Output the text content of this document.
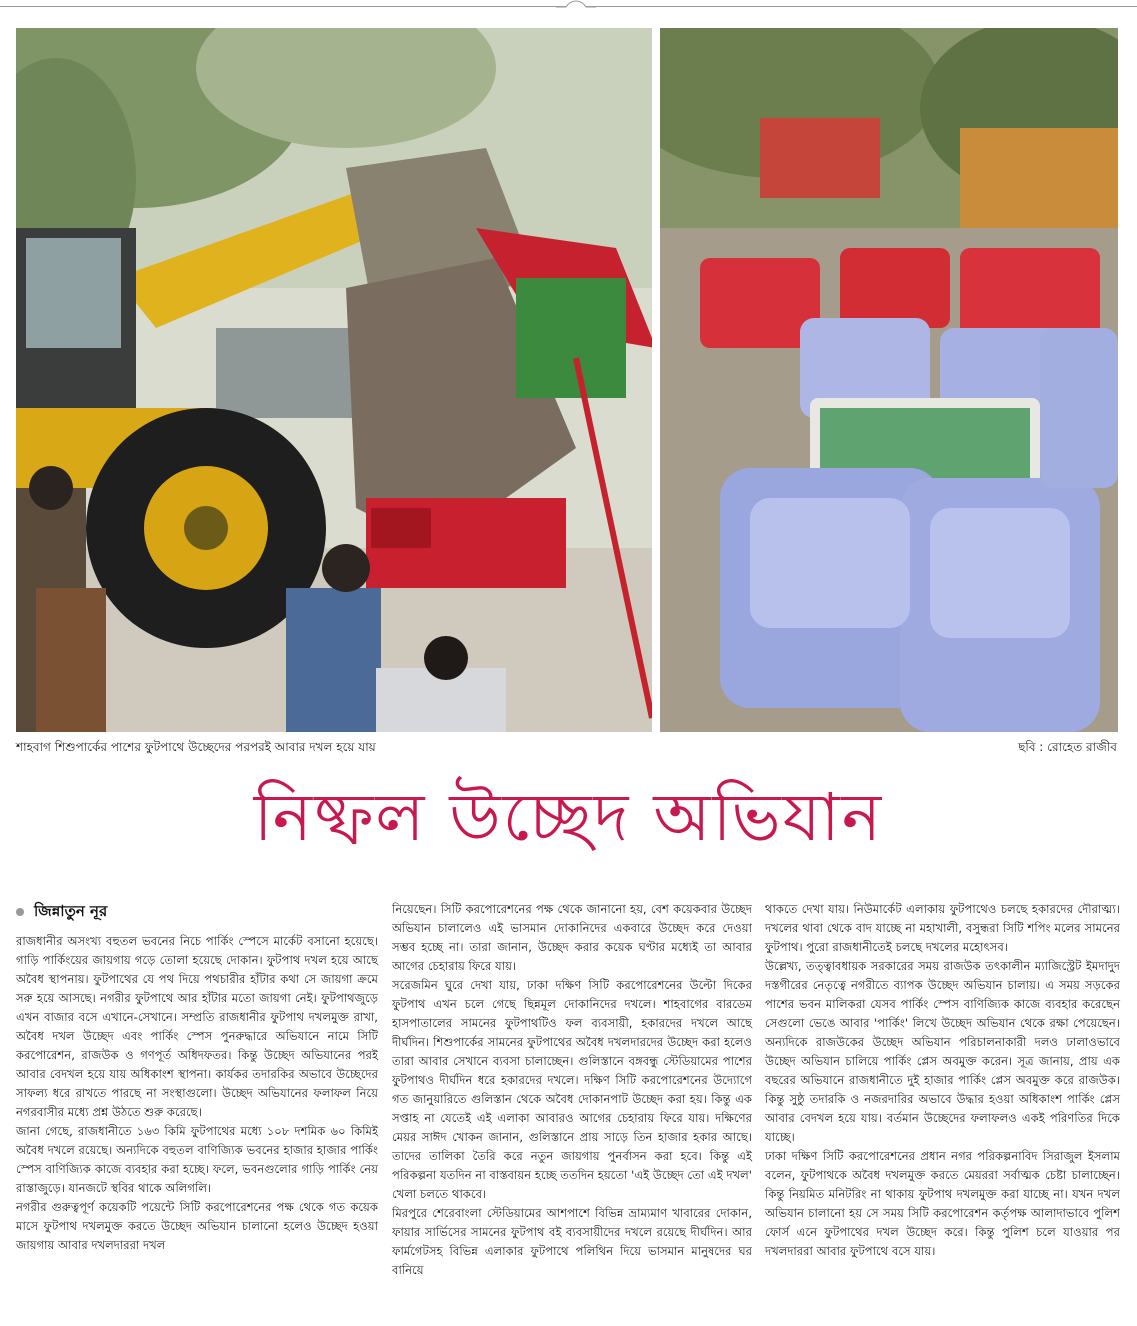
শাহবাগ শিশুপার্কের পাশের ফুটপাথে উচ্ছেদের পরপরই আবার দখল হয়ে যায়	ছবি : রোহেত রাজীব
নিষ্ফল উচ্ছেদ অভিযান
জিন্নাতুন নূর

রাজধানীর অসংখ্য বহুতল ভবনের নিচে পার্কিং স্পেসে মার্কেট বসানো হয়েছে। গাড়ি পার্কিংয়ের জায়গায় গড়ে তোলা হয়েছে দোকান। ফুটপাথ দখল হয়ে আছে অবৈধ স্থাপনায়। ফুটপাথের যে পথ দিয়ে পথচারীর হাঁটার কথা সে জায়গা ক্রমে সরু হয়ে আসছে। নগরীর ফুটপাথে আর হাঁটার মতো জায়গা নেই। ফুটপাথজুড়ে এখন বাজার বসে এখানে-সেখানে। সম্প্রতি রাজধানীর ফুটপাথ দখলমুক্ত রাখা, অবৈধ দখল উচ্ছেদ এবং পার্কিং স্পেস পুনরুদ্ধারে অভিযানে নামে সিটি করপোরেশন, রাজউক ও গণপূর্ত অধিদফতর। কিন্তু উচ্ছেদ অভিযানের পরই আবার বেদখল হয়ে যায় অধিকাংশ স্থাপনা। কার্যকর তদারকির অভাবে উচ্ছেদের সাফল্য ধরে রাখতে পারছে না সংস্থাগুলো। উচ্ছেদ অভিযানের ফলাফল নিয়ে নগরবাসীর মধ্যে প্রশ্ন উঠতে শুরু করেছে।

জানা গেছে, রাজধানীতে ১৬৩ কিমি ফুটপাথের মধ্যে ১০৮ দশমিক ৬০ কিমিই অবৈধ দখলে রয়েছে। অন্যদিকে বহুতল বাণিজ্যিক ভবনের হাজার হাজার পার্কিং স্পেস বাণিজ্যিক কাজে ব্যবহার করা হচ্ছে। ফলে, ভবনগুলোর গাড়ি পার্কিং নেয় রাস্তাজুড়ে। যানজটে স্থবির থাকে অলিগলি।

নগরীর গুরুত্বপূর্ণ কয়েকটি পয়েন্টে সিটি করপোরেশনের পক্ষ থেকে গত কয়েক মাসে ফুটপাথ দখলমুক্ত করতে উচ্ছেদ অভিযান চালানো হলেও উচ্ছেদ হওয়া জায়গায় আবার দখলদাররা দখল

নিয়েছেন। সিটি করপোরেশনের পক্ষ থেকে জানানো হয়, বেশ কয়েকবার উচ্ছেদ অভিযান চালালেও এই ভাসমান দোকানিদের একবারে উচ্ছেদ করে দেওয়া সম্ভব হচ্ছে না। তারা জানান, উচ্ছেদ করার কয়েক ঘণ্টার মধ্যেই তা আবার আগের চেহারায় ফিরে যায়।

সরেজমিন ঘুরে দেখা যায়, ঢাকা দক্ষিণ সিটি করপোরেশনের উল্টো দিকের ফুটপাথ এখন চলে গেছে ছিন্নমূল দোকানিদের দখলে। শাহবাগের বারডেম হাসপাতালের সামনের ফুটপাথটিও ফল ব্যবসায়ী, হকারদের দখলে আছে দীর্ঘদিন। শিশুপার্কের সামনের ফুটপাথের অবৈধ দখলদারদের উচ্ছেদ করা হলেও তারা আবার সেখানে ব্যবসা চালাচ্ছেন। গুলিস্তানে বঙ্গবন্ধু স্টেডিয়ামের পাশের ফুটপাথও দীর্ঘদিন ধরে হকারদের দখলে। দক্ষিণ সিটি করপোরেশনের উদ্যোগে গত জানুয়ারিতে গুলিস্তান থেকে অবৈধ দোকানপাট উচ্ছেদ করা হয়। কিন্তু এক সপ্তাহ না যেতেই এই এলাকা আবারও আগের চেহারায় ফিরে যায়। দক্ষিণের মেয়র সাঈদ খোকন জানান, গুলিস্তানে প্রায় সাড়ে তিন হাজার হকার আছে। তাদের তালিকা তৈরি করে নতুন জায়গায় পুনর্বাসন করা হবে। কিন্তু এই পরিকল্পনা যতদিন না বাস্তবায়ন হচ্ছে ততদিন হয়তো 'এই উচ্ছেদ তো এই দখল' খেলা চলতে থাকবে।

মিরপুরে শেরেবাংলা স্টেডিয়ামের আশপাশে বিভিন্ন ভ্রাম্যমাণ খাবারের দোকান, ফায়ার সার্ভিসের সামনের ফুটপাথ বই ব্যবসায়ীদের দখলে রয়েছে দীর্ঘদিন। আর ফার্মগেটসহ বিভিন্ন এলাকার ফুটপাথে পলিথিন দিয়ে ভাসমান মানুষদের ঘর বানিয়ে

থাকতে দেখা যায়। নিউমার্কেট এলাকায় ফুটপাথেও চলছে হকারদের দৌরাত্ম্য। দখলের থাবা থেকে বাদ যাচ্ছে না মহাখালী, বসুন্ধরা সিটি শপিং মলের সামনের ফুটপাথ। পুরো রাজধানীতেই চলছে দখলের মহোৎসব।

উল্লেখ্য, তত্ত্বাবধায়ক সরকারের সময় রাজউক তৎকালীন ম্যাজিস্ট্রেট ইমদাদুদ দস্তগীরের নেতৃত্বে নগরীতে ব্যাপক উচ্ছেদ অভিযান চালায়। এ সময় সড়কের পাশের ভবন মালিকরা যেসব পার্কিং স্পেস বাণিজ্যিক কাজে ব্যবহার করেছেন সেগুলো ভেঙে আবার 'পার্কিং' লিখে উচ্ছেদ অভিযান থেকে রক্ষা পেয়েছেন। অন্যদিকে রাজউকের উচ্ছেদ অভিযান পরিচালনাকারী দলও ঢালাওভাবে উচ্ছেদ অভিযান চালিয়ে পার্কিং প্লেস অবমুক্ত করেন। সূত্র জানায়, প্রায় এক বছরের অভিযানে রাজধানীতে দুই হাজার পার্কিং প্লেস অবমুক্ত করে রাজউক। কিন্তু সুষ্ঠু তদারকি ও নজরদারির অভাবে উদ্ধার হওয়া অধিকাংশ পার্কিং প্লেস আবার বেদখল হয়ে যায়। বর্তমান উচ্ছেদের ফলাফলও একই পরিণতির দিকে যাচ্ছে।

ঢাকা দক্ষিণ সিটি করপোরেশনের প্রধান নগর পরিকল্পনাবিদ সিরাজুল ইসলাম বলেন, ফুটপাথকে অবৈধ দখলমুক্ত করতে মেয়ররা সর্বাত্মক চেষ্টা চালাচ্ছেন। কিন্তু নিয়মিত মনিটরিং না থাকায় ফুটপাথ দখলমুক্ত করা যাচ্ছে না। যখন দখল অভিযান চালানো হয় সে সময় সিটি করপোরেশন কর্তৃপক্ষ আলাদাভাবে পুলিশ ফোর্স এনে ফুটপাথের দখল উচ্ছেদ করে। কিন্তু পুলিশ চলে যাওয়ার পর দখলদাররা আবার ফুটপাথে বসে যায়।
